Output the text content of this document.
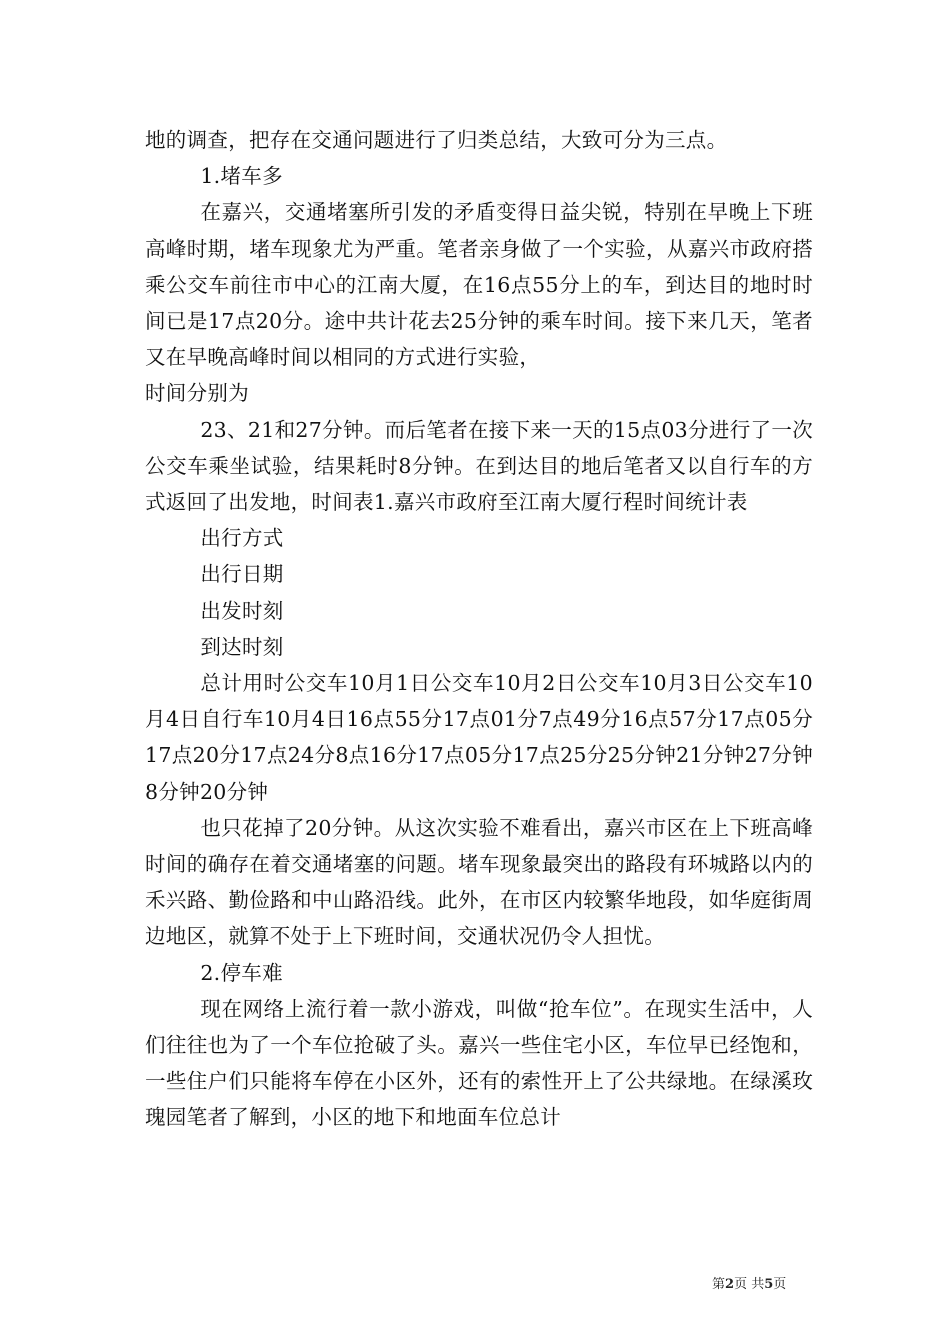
地的调查，把存在交通问题进行了归类总结，大致可分为三点。

1.堵车多

在嘉兴，交通堵塞所引发的矛盾变得日益尖锐，特别在早晚上下班高峰时期，堵车现象尤为严重。笔者亲身做了一个实验，从嘉兴市政府搭乘公交车前往市中心的江南大厦，在16点55分上的车，到达目的地时时间已是17点20分。途中共计花去25分钟的乘车时间。接下来几天，笔者又在早晚高峰时间以相同的方式进行实验，

时间分别为

23、21和27分钟。而后笔者在接下来一天的15点03分进行了一次公交车乘坐试验，结果耗时8分钟。在到达目的地后笔者又以自行车的方式返回了出发地，时间表1.嘉兴市政府至江南大厦行程时间统计表

出行方式

出行日期

出发时刻

到达时刻

总计用时公交车10月1日公交车10月2日公交车10月3日公交车10月4日自行车10月4日16点55分17点01分7点49分16点57分17点05分17点20分17点24分8点16分17点05分17点25分25分钟21分钟27分钟8分钟20分钟

也只花掉了20分钟。从这次实验不难看出，嘉兴市区在上下班高峰时间的确存在着交通堵塞的问题。堵车现象最突出的路段有环城路以内的禾兴路、勤俭路和中山路沿线。此外，在市区内较繁华地段，如华庭街周边地区，就算不处于上下班时间，交通状况仍令人担忧。

2.停车难

现在网络上流行着一款小游戏，叫做“抢车位”。在现实生活中，人们往往也为了一个车位抢破了头。嘉兴一些住宅小区，车位早已经饱和，一些住户们只能将车停在小区外，还有的索性开上了公共绿地。在绿溪玫瑰园笔者了解到，小区的地下和地面车位总计

第2页 共5页
